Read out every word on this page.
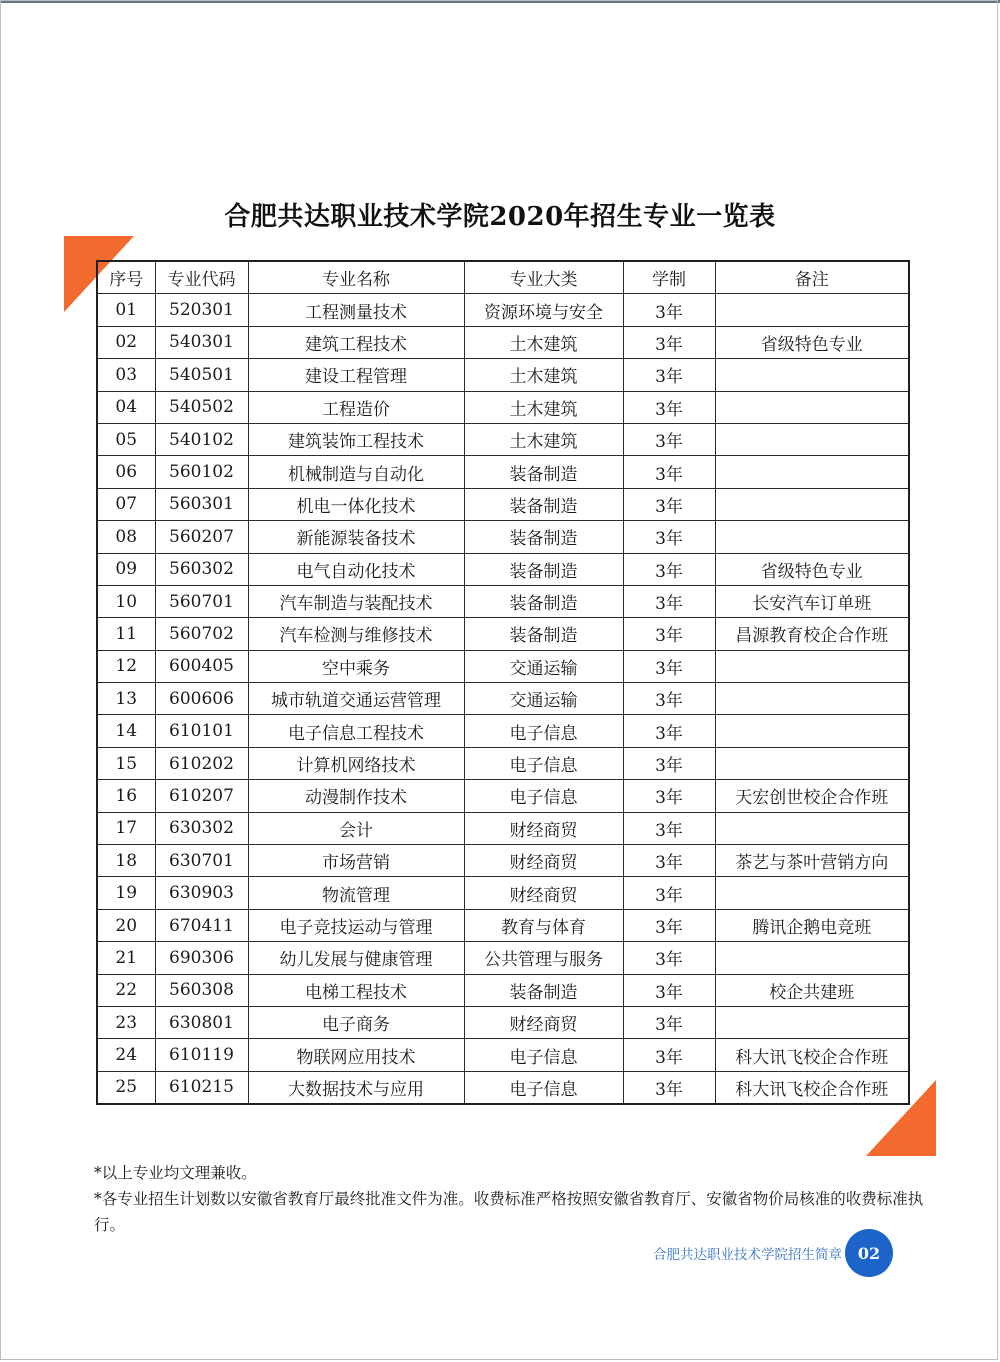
合肥共达职业技术学院2020年招生专业一览表
序号	专业代码	专业名称	专业大类	学制	备注
01	520301	工程测量技术	资源环境与安全	3年	
02	540301	建筑工程技术	土木建筑	3年	省级特色专业
03	540501	建设工程管理	土木建筑	3年	
04	540502	工程造价	土木建筑	3年	
05	540102	建筑装饰工程技术	土木建筑	3年	
06	560102	机械制造与自动化	装备制造	3年	
07	560301	机电一体化技术	装备制造	3年	
08	560207	新能源装备技术	装备制造	3年	
09	560302	电气自动化技术	装备制造	3年	省级特色专业
10	560701	汽车制造与装配技术	装备制造	3年	长安汽车订单班
11	560702	汽车检测与维修技术	装备制造	3年	昌源教育校企合作班
12	600405	空中乘务	交通运输	3年	
13	600606	城市轨道交通运营管理	交通运输	3年	
14	610101	电子信息工程技术	电子信息	3年	
15	610202	计算机网络技术	电子信息	3年	
16	610207	动漫制作技术	电子信息	3年	天宏创世校企合作班
17	630302	会计	财经商贸	3年	
18	630701	市场营销	财经商贸	3年	茶艺与茶叶营销方向
19	630903	物流管理	财经商贸	3年	
20	670411	电子竞技运动与管理	教育与体育	3年	腾讯企鹅电竞班
21	690306	幼儿发展与健康管理	公共管理与服务	3年	
22	560308	电梯工程技术	装备制造	3年	校企共建班
23	630801	电子商务	财经商贸	3年	
24	610119	物联网应用技术	电子信息	3年	科大讯飞校企合作班
25	610215	大数据技术与应用	电子信息	3年	科大讯飞校企合作班

*以上专业均文理兼收。

*各专业招生计划数以安徽省教育厅最终批准文件为准。收费标准严格按照安徽省教育厅、安徽省物价局核准的收费标准执行。

合肥共达职业技术学院招生简章 02
